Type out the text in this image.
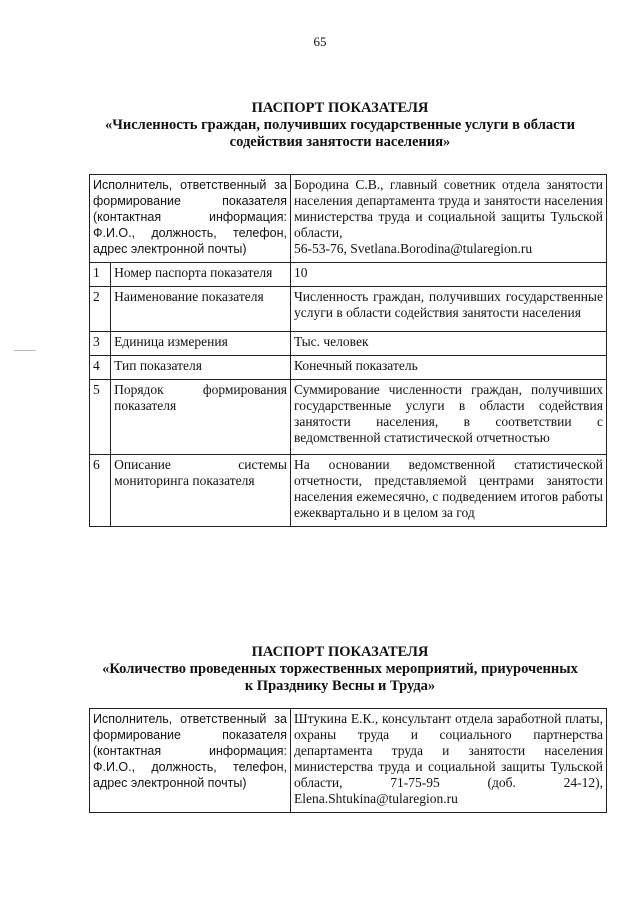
65
ПАСПОРТ ПОКАЗАТЕЛЯ
«Численность граждан, получивших государственные услуги в области
содействия занятости населения»
Исполнитель, ответственный за формирование показателя (контактная информация: Ф.И.О., должность, телефон, адрес электронной почты)		Бородина С.В., главный советник отдела занятости населения департамента труда и занятости населения министерства труда и социальной защиты Тульской области,
56-53-76, Svetlana.Borodina@tularegion.ru
1	Номер паспорта показателя	10
2	Наименование показателя	Численность граждан, получивших государственные услуги в области содействия занятости населения
3	Единица измерения	Тыс. человек
4	Тип показателя	Конечный показатель
5	Порядок формирования показателя	Суммирование численности граждан, получивших государственные услуги в области содействия занятости населения, в соответствии с ведомственной статистической отчетностью
6	Описание системы мониторинга показателя	На основании ведомственной статистической отчетности, представляемой центрами занятости населения ежемесячно, с подведением итогов работы ежеквартально и в целом за год
ПАСПОРТ ПОКАЗАТЕЛЯ
«Количество проведенных торжественных мероприятий, приуроченных
к Празднику Весны и Труда»
Исполнитель, ответственный за формирование показателя (контактная информация: Ф.И.О., должность, телефон, адрес электронной почты)	Штукина Е.К., консультант отдела заработной платы, охраны труда и социального партнерства департамента труда и занятости населения министерства труда и социальной защиты Тульской области, 71-75-95 (доб. 24-12), Elena.Shtukina@tularegion.ru
